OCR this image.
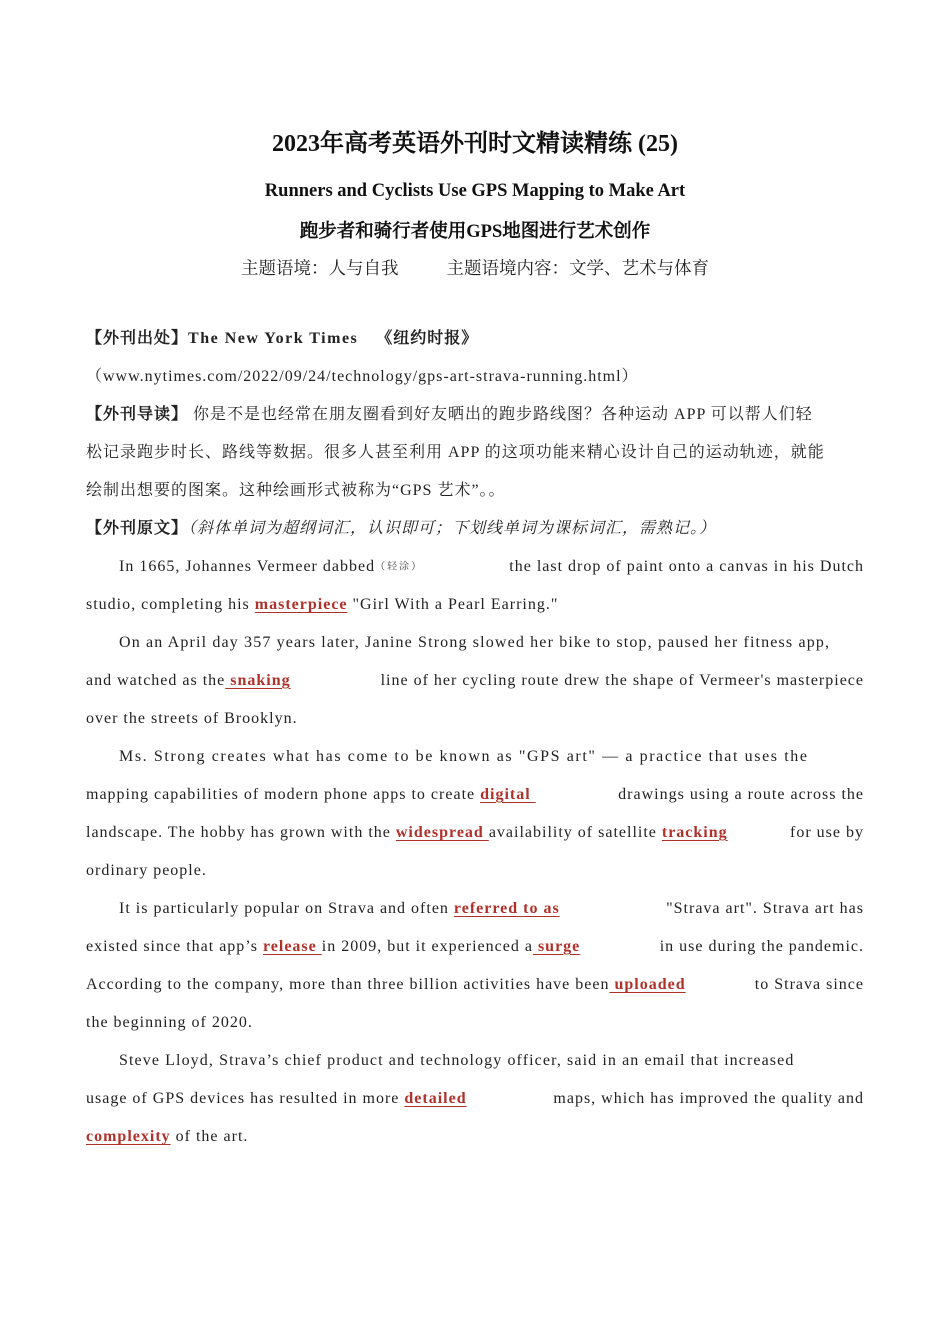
2023年高考英语外刊时文精读精练 (25)
Runners and Cyclists Use GPS Mapping to Make Art
跑步者和骑行者使用GPS地图进行艺术创作
主题语境：人与自我	主题语境内容：文学、艺术与体育
【外刊出处】The New York Times 《纽约时报》
（www.nytimes.com/2022/09/24/technology/gps-art-strava-running.html）
【外刊导读】 你是不是也经常在朋友圈看到好友晒出的跑步路线图？各种运动 APP 可以帮人们轻
松记录跑步时长、路线等数据。很多人甚至利用 APP 的这项功能来精心设计自己的运动轨迹，就能
绘制出想要的图案。这种绘画形式被称为“GPS 艺术”。。
【外刊原文】（斜体单词为超纲词汇，认识即可；下划线单词为课标词汇，需熟记。）
In 1665, Johannes Vermeer dabbed（轻涂）	the last drop of paint onto a canvas in his Dutch
studio, completing his masterpiece "Girl With a Pearl Earring."
On an April day 357 years later, Janine Strong slowed her bike to stop, paused her fitness app,
and watched as the snaking	line of her cycling route drew the shape of Vermeer's masterpiece
over the streets of Brooklyn.
Ms. Strong creates what has come to be known as "GPS art" — a practice that uses the
mapping capabilities of modern phone apps to create digital	drawings using a route across the
landscape. The hobby has grown with the widespread availability of satellite tracking	for use by
ordinary people.
It is particularly popular on Strava and often referred to as	"Strava art". Strava art has
existed since that app’s release in 2009, but it experienced a surge	in use during the pandemic.
According to the company, more than three billion activities have been uploaded	to Strava since
the beginning of 2020.
Steve Lloyd, Strava’s chief product and technology officer, said in an email that increased
usage of GPS devices has resulted in more detailed	maps, which has improved the quality and
complexity of the art.
